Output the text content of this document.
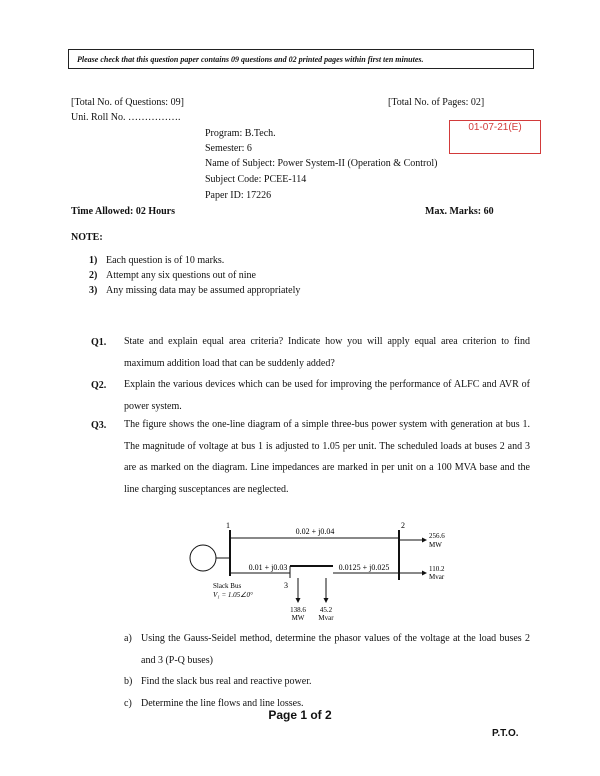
Please check that this question paper contains 09 questions and 02 printed pages within first ten minutes.
[Total No. of Questions: 09]	[Total No. of Pages: 02]
Uni. Roll No. …………….
Program: B.Tech.
Semester: 6
Name of Subject: Power System-II (Operation & Control)
Subject Code: PCEE-114
Paper ID: 17226
01-07-21(E)
Time Allowed: 02 Hours	Max. Marks: 60
NOTE:
1) Each question is of 10 marks.
2) Attempt any six questions out of nine
3) Any missing data may be assumed appropriately
Q1. State and explain equal area criteria? Indicate how you will apply equal area criterion to find maximum addition load that can be suddenly added?
Q2. Explain the various devices which can be used for improving the performance of ALFC and AVR of power system.
Q3. The figure shows the one-line diagram of a simple three-bus power system with generation at bus 1. The magnitude of voltage at bus 1 is adjusted to 1.05 per unit. The scheduled loads at buses 2 and 3 are as marked on the diagram. Line impedances are marked in per unit on a 100 MVA base and the line charging susceptances are neglected.
1
0.02 + j0.04
2
256.6
MW
0.01 + j0.03
3
0.0125 + j0.025	110.2
Mvar
138.6
MW
45.2
Mvar
Slack Bus
V₁ = 1.05∠0°
a) Using the Gauss-Seidel method, determine the phasor values of the voltage at the load buses 2 and 3 (P-Q buses)
b) Find the slack bus real and reactive power.
c) Determine the line flows and line losses.
Page 1 of 2
P.T.O.
